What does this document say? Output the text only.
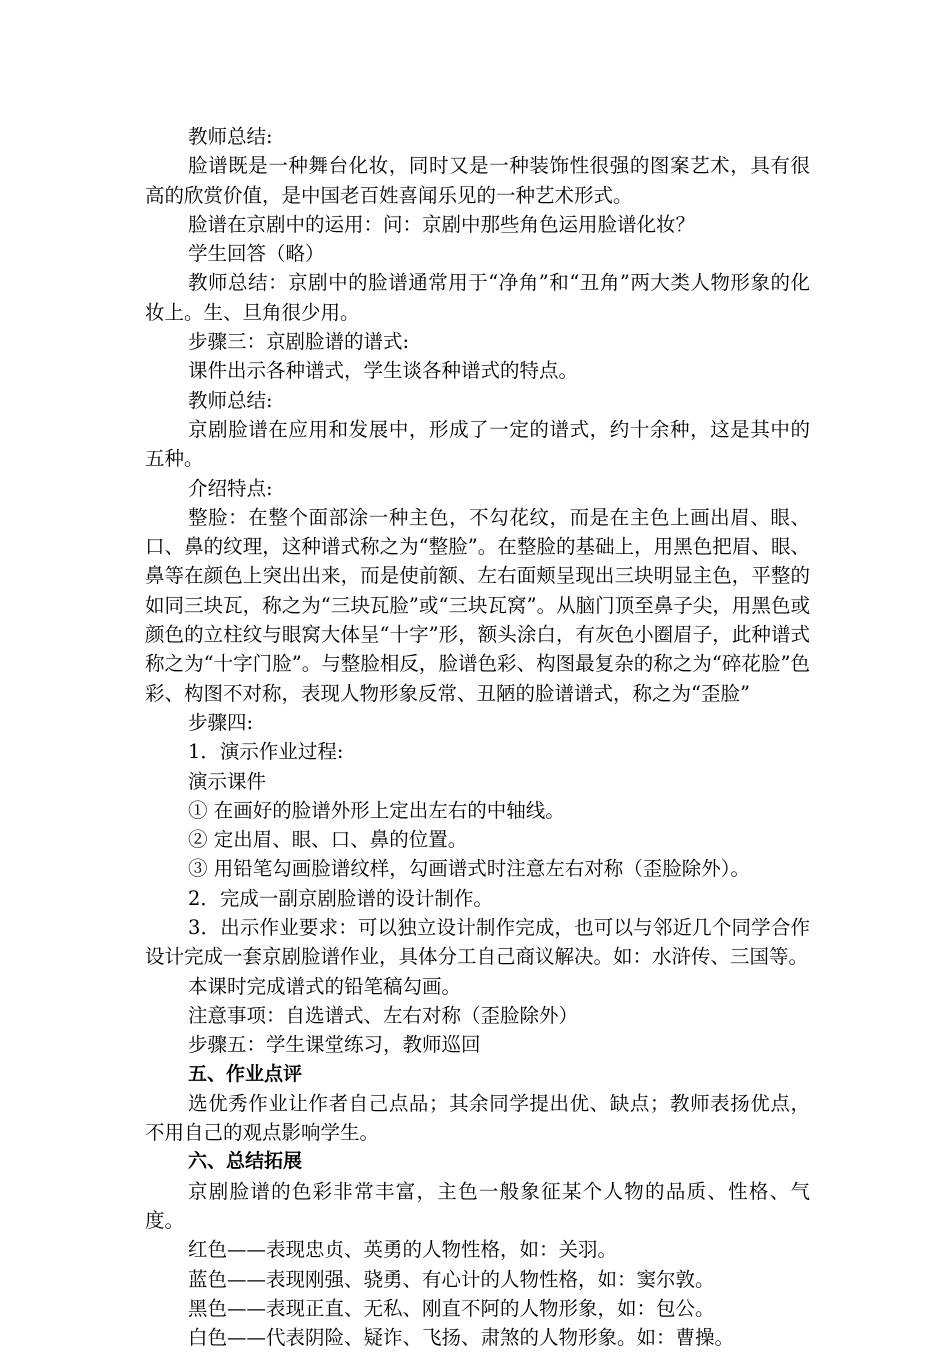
教师总结:

脸谱既是一种舞台化妆，同时又是一种装饰性很强的图案艺术，具有很高的欣赏价值，是中国老百姓喜闻乐见的一种艺术形式。

脸谱在京剧中的运用：问：京剧中那些角色运用脸谱化妆？

学生回答（略）

教师总结：京剧中的脸谱通常用于“净角”和“丑角”两大类人物形象的化妆上。生、旦角很少用。

步骤三：京剧脸谱的谱式:

课件出示各种谱式，学生谈各种谱式的特点。

教师总结:

京剧脸谱在应用和发展中，形成了一定的谱式，约十余种，这是其中的五种。

介绍特点:

整脸：在整个面部涂一种主色，不勾花纹，而是在主色上画出眉、眼、口、鼻的纹理，这种谱式称之为“整脸”。在整脸的基础上，用黑色把眉、眼、鼻等在颜色上突出出来，而是使前额、左右面颊呈现出三块明显主色，平整的如同三块瓦，称之为“三块瓦脸”或“三块瓦窝”。从脑门顶至鼻子尖，用黑色或颜色的立柱纹与眼窝大体呈“十字”形，额头涂白，有灰色小圈眉子，此种谱式称之为“十字门脸”。与整脸相反，脸谱色彩、构图最复杂的称之为“碎花脸”色彩、构图不对称，表现人物形象反常、丑陋的脸谱谱式，称之为“歪脸”

步骤四:

1．演示作业过程:

演示课件

① 在画好的脸谱外形上定出左右的中轴线。

② 定出眉、眼、口、鼻的位置。

③ 用铅笔勾画脸谱纹样，勾画谱式时注意左右对称（歪脸除外）。

2．完成一副京剧脸谱的设计制作。

3．出示作业要求：可以独立设计制作完成，也可以与邻近几个同学合作设计完成一套京剧脸谱作业，具体分工自己商议解决。如：水浒传、三国等。

本课时完成谱式的铅笔稿勾画。

注意事项：自选谱式、左右对称（歪脸除外）

步骤五：学生课堂练习，教师巡回

五、作业点评

选优秀作业让作者自己点品；其余同学提出优、缺点；教师表扬优点，不用自己的观点影响学生。

六、总结拓展

京剧脸谱的色彩非常丰富，主色一般象征某个人物的品质、性格、气度。

红色——表现忠贞、英勇的人物性格，如：关羽。

蓝色——表现刚强、骁勇、有心计的人物性格，如：窦尔敦。

黑色——表现正直、无私、刚直不阿的人物形象，如：包公。

白色——代表阴险、疑诈、飞扬、肃煞的人物形象。如：曹操。
